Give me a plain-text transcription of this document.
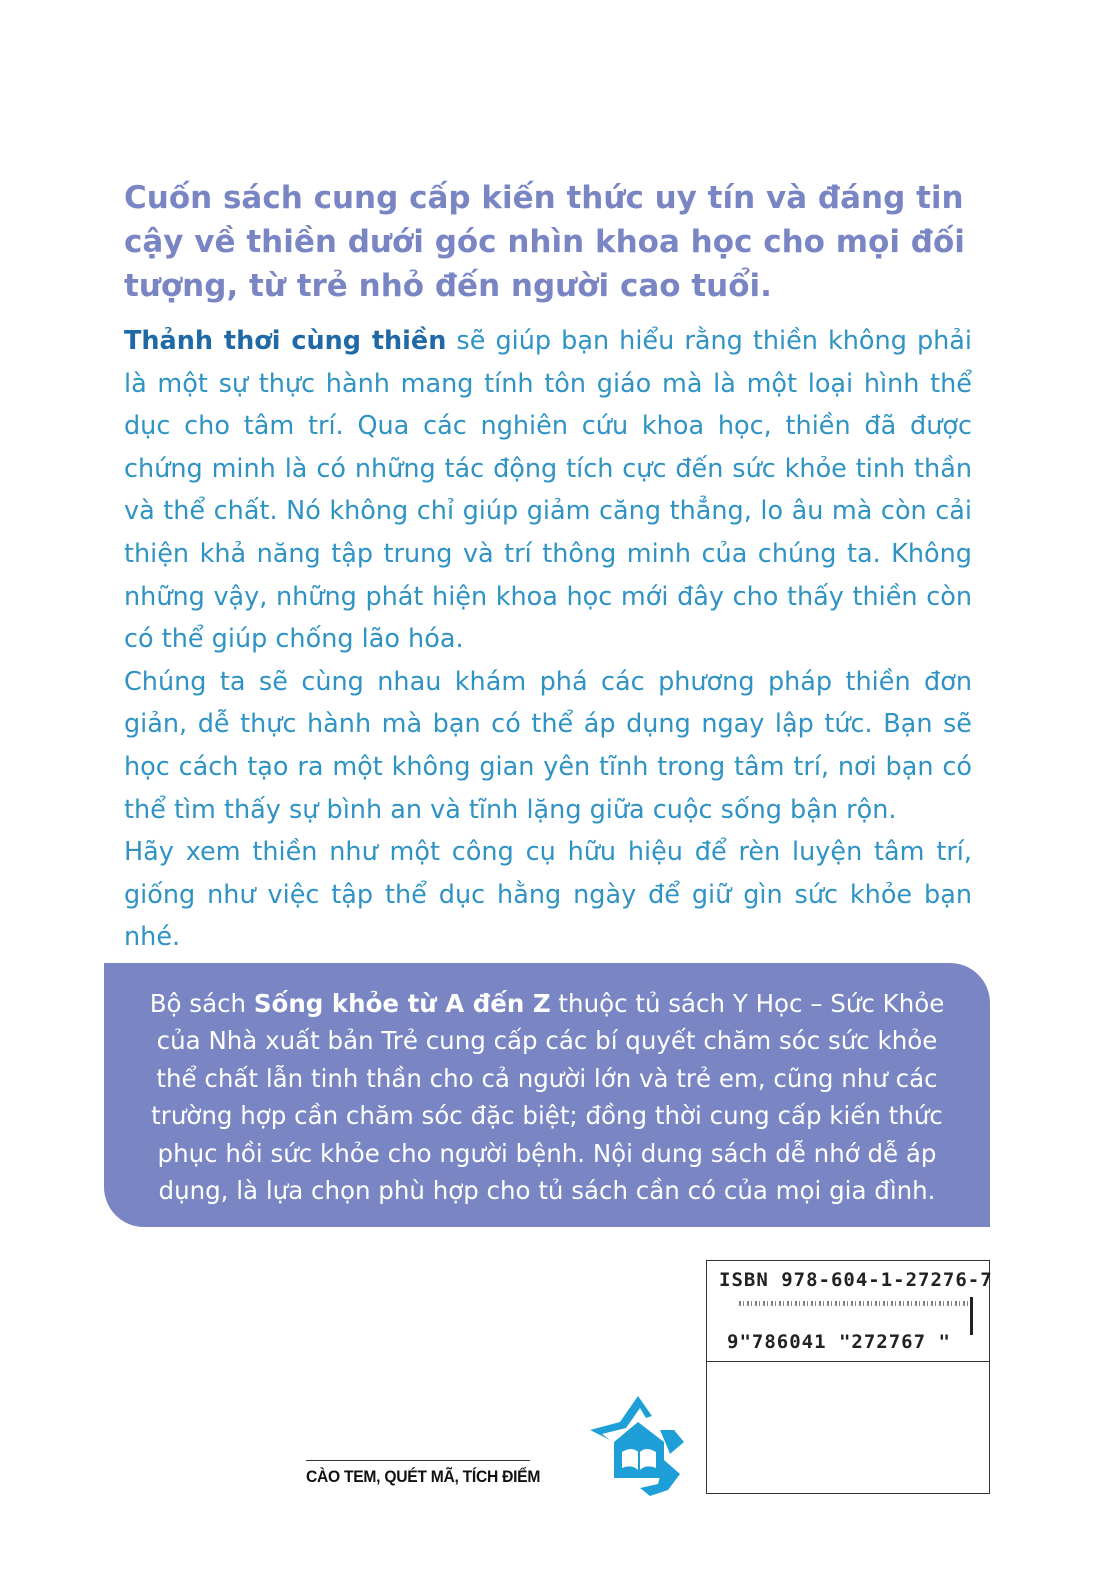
Cuốn sách cung cấp kiến thức uy tín và đáng tin cậy về thiền dưới góc nhìn khoa học cho mọi đối tượng, từ trẻ nhỏ đến người cao tuổi.

Thảnh thơi cùng thiền sẽ giúp bạn hiểu rằng thiền không phải là một sự thực hành mang tính tôn giáo mà là một loại hình thể dục cho tâm trí. Qua các nghiên cứu khoa học, thiền đã được chứng minh là có những tác động tích cực đến sức khỏe tinh thần và thể chất. Nó không chỉ giúp giảm căng thẳng, lo âu mà còn cải thiện khả năng tập trung và trí thông minh của chúng ta. Không những vậy, những phát hiện khoa học mới đây cho thấy thiền còn có thể giúp chống lão hóa.

Chúng ta sẽ cùng nhau khám phá các phương pháp thiền đơn giản, dễ thực hành mà bạn có thể áp dụng ngay lập tức. Bạn sẽ học cách tạo ra một không gian yên tĩnh trong tâm trí, nơi bạn có thể tìm thấy sự bình an và tĩnh lặng giữa cuộc sống bận rộn.

Hãy xem thiền như một công cụ hữu hiệu để rèn luyện tâm trí, giống như việc tập thể dục hằng ngày để giữ gìn sức khỏe bạn nhé.

Bộ sách Sống khỏe từ A đến Z thuộc tủ sách Y Học – Sức Khỏe của Nhà xuất bản Trẻ cung cấp các bí quyết chăm sóc sức khỏe thể chất lẫn tinh thần cho cả người lớn và trẻ em, cũng như các trường hợp cần chăm sóc đặc biệt; đồng thời cung cấp kiến thức phục hồi sức khỏe cho người bệnh. Nội dung sách dễ nhớ dễ áp dụng, là lựa chọn phù hợp cho tủ sách cần có của mọi gia đình.

ISBN 978-604-1-27276-7
9"786041 "272767 "
CÀO TEM, QUÉT MÃ, TÍCH ĐIỂM
